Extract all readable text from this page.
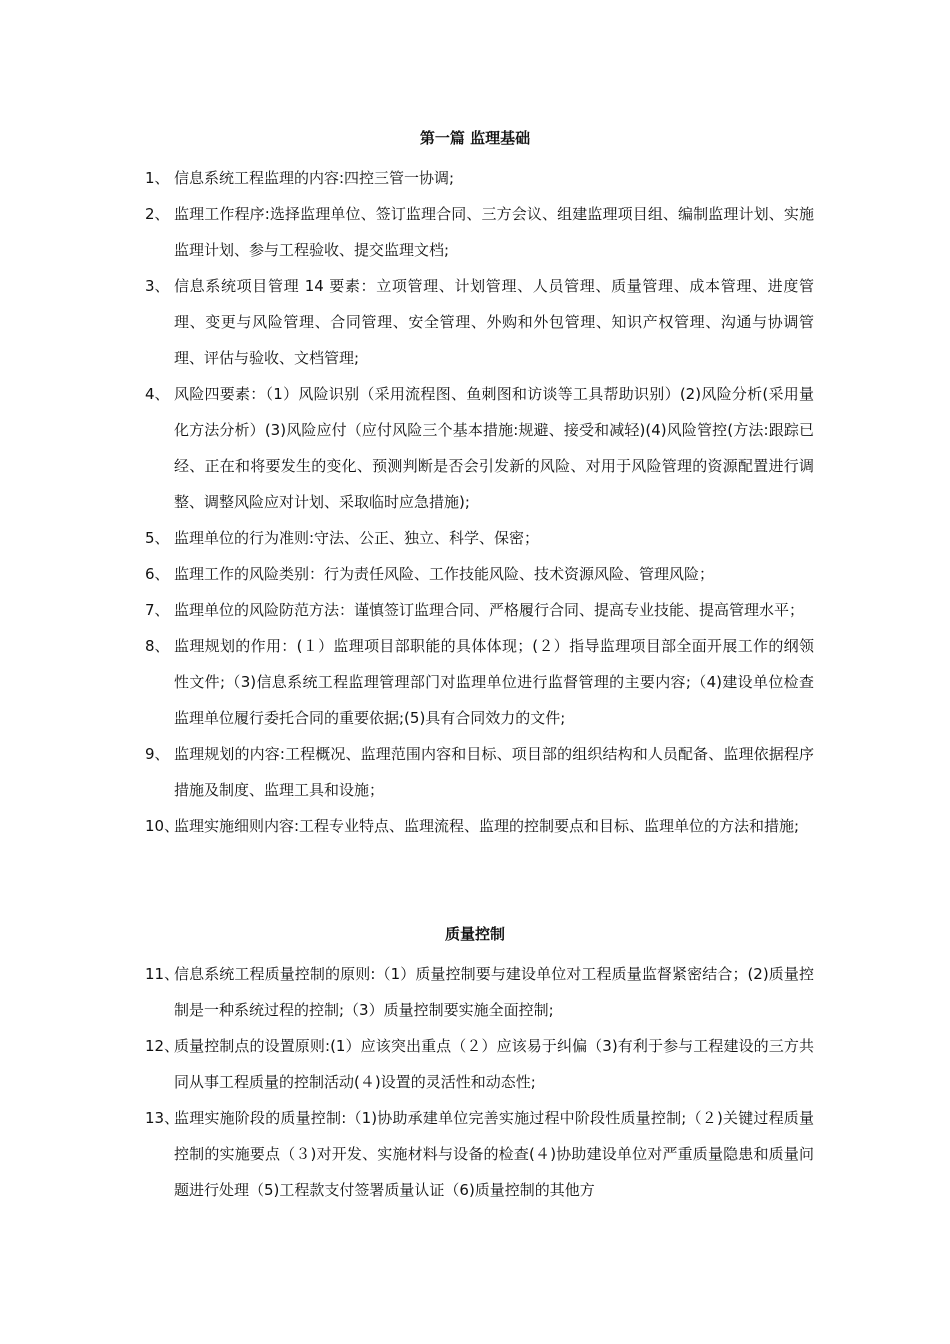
第一篇 监理基础
1、 信息系统工程监理的内容:四控三管一协调;
2、 监理工作程序:选择监理单位、签订监理合同、三方会议、组建监理项目组、编制监理计划、实施监理计划、参与工程验收、提交监理文档;
3、 信息系统项目管理 14 要素：立项管理、计划管理、人员管理、质量管理、成本管理、进度管理、变更与风险管理、合同管理、安全管理、外购和外包管理、知识产权管理、沟通与协调管理、评估与验收、文档管理;
4、 风险四要素：（1）风险识别（采用流程图、鱼刺图和访谈等工具帮助识别）(2)风险分析(采用量化方法分析）(3)风险应付（应付风险三个基本措施:规避、接受和减轻)(4)风险管控(方法:跟踪已经、正在和将要发生的变化、预测判断是否会引发新的风险、对用于风险管理的资源配置进行调整、调整风险应对计划、采取临时应急措施);
5、 监理单位的行为准则:守法、公正、独立、科学、保密；
6、 监理工作的风险类别：行为责任风险、工作技能风险、技术资源风险、管理风险；
7、 监理单位的风险防范方法：谨慎签订监理合同、严格履行合同、提高专业技能、提高管理水平；
8、 监理规划的作用：(１）监理项目部职能的具体体现；(２）指导监理项目部全面开展工作的纲领性文件;（3)信息系统工程监理管理部门对监理单位进行监督管理的主要内容;（4)建设单位检查监理单位履行委托合同的重要依据;(5)具有合同效力的文件;
9、 监理规划的内容:工程概况、监理范围内容和目标、项目部的组织结构和人员配备、监理依据程序措施及制度、监理工具和设施；
10、
监理实施细则内容:工程专业特点、监理流程、监理的控制要点和目标、监理单位的方法和措施;
质量控制
11、
信息系统工程质量控制的原则:（1）质量控制要与建设单位对工程质量监督紧密结合；(2)质量控制是一种系统过程的控制;（3）质量控制要实施全面控制;
12、
质量控制点的设置原则:(1）应该突出重点（２）应该易于纠偏（3)有利于参与工程建设的三方共同从事工程质量的控制活动(４)设置的灵活性和动态性;
13、
监理实施阶段的质量控制:（1)协助承建单位完善实施过程中阶段性质量控制;（２)关键过程质量控制的实施要点（３)对开发、实施材料与设备的检查(４)协助建设单位对严重质量隐患和质量问题进行处理（5)工程款支付签署质量认证（6)质量控制的其他方
